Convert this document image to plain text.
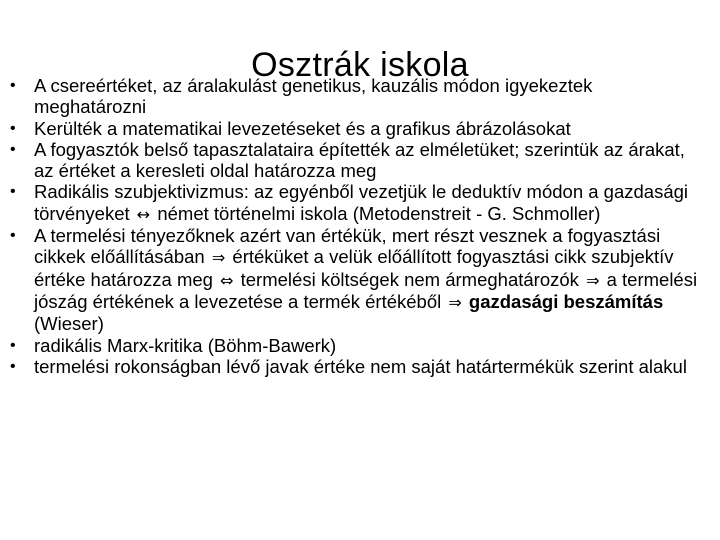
Osztrák iskola
• A csereértéket, az áralakulást genetikus, kauzális módon igyekeztek meghatározni
• Kerülték a matematikai levezetéseket és a grafikus ábrázolásokat
• A fogyasztók belső tapasztalataira építették az elméletüket; szerintük az árakat, az értéket a keresleti oldal határozza meg
• Radikális szubjektivizmus: az egyénből vezetjük le deduktív módon a gazdasági törvényeket ↔ német történelmi iskola (Metodenstreit - G. Schmoller)
• A termelési tényezőknek azért van értékük, mert részt vesznek a fogyasztási cikkek előállításában ⇒ értéküket a velük előállított fogyasztási cikk szubjektív értéke határozza meg ⇔ termelési költségek nem ármeghatározók ⇒ a termelési jószág értékének a levezetése a termék értékéből ⇒ gazdasági beszámítás (Wieser)
• radikális Marx-kritika (Böhm-Bawerk)
• termelési rokonságban lévő javak értéke nem saját határtermékük szerint alakul
